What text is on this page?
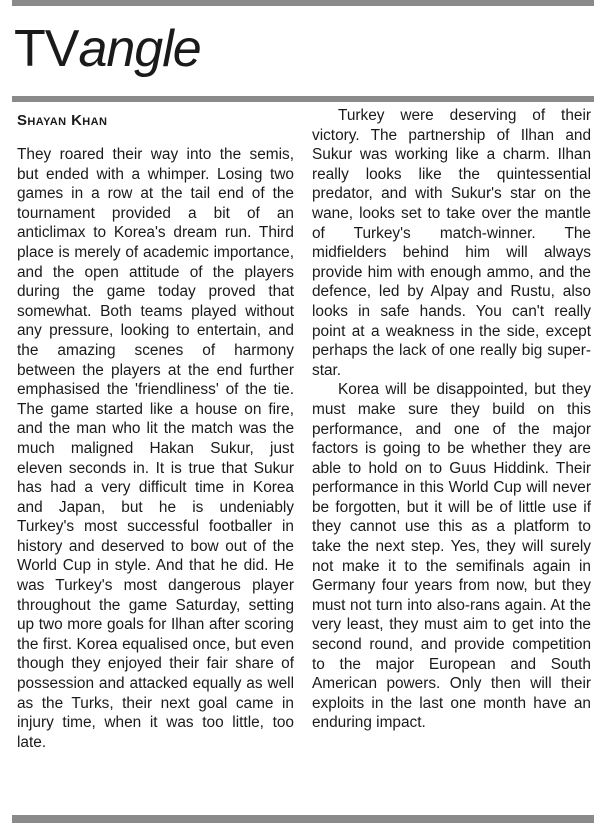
TVangle

Shayan Khan

They roared their way into the semis, but ended with a whimper. Losing two games in a row at the tail end of the tournament provided a bit of an anticlimax to Korea's dream run. Third place is merely of academic importance, and the open attitude of the players during the game today proved that somewhat. Both teams played without any pressure, looking to entertain, and the amazing scenes of harmony between the players at the end further emphasised the 'friendliness' of the tie. The game started like a house on fire, and the man who lit the match was the much maligned Hakan Sukur, just eleven seconds in. It is true that Sukur has had a very difficult time in Korea and Japan, but he is undeniably Turkey's most successful footballer in history and deserved to bow out of the World Cup in style. And that he did. He was Turkey's most dangerous player throughout the game Saturday, setting up two more goals for Ilhan after scoring the first. Korea equalised once, but even though they enjoyed their fair share of possession and attacked equally as well as the Turks, their next goal came in injury time, when it was too little, too late.

Turkey were deserving of their victory. The partnership of Ilhan and Sukur was working like a charm. Ilhan really looks like the quintessential predator, and with Sukur's star on the wane, looks set to take over the mantle of Turkey's match-winner. The midfielders behind him will always provide him with enough ammo, and the defence, led by Alpay and Rustu, also looks in safe hands. You can't really point at a weakness in the side, except perhaps the lack of one really big superstar.

Korea will be disappointed, but they must make sure they build on this performance, and one of the major factors is going to be whether they are able to hold on to Guus Hiddink. Their performance in this World Cup will never be forgotten, but it will be of little use if they cannot use this as a platform to take the next step. Yes, they will surely not make it to the semifinals again in Germany four years from now, but they must not turn into also-rans again. At the very least, they must aim to get into the second round, and provide competition to the major European and South American powers. Only then will their exploits in the last one month have an enduring impact.
